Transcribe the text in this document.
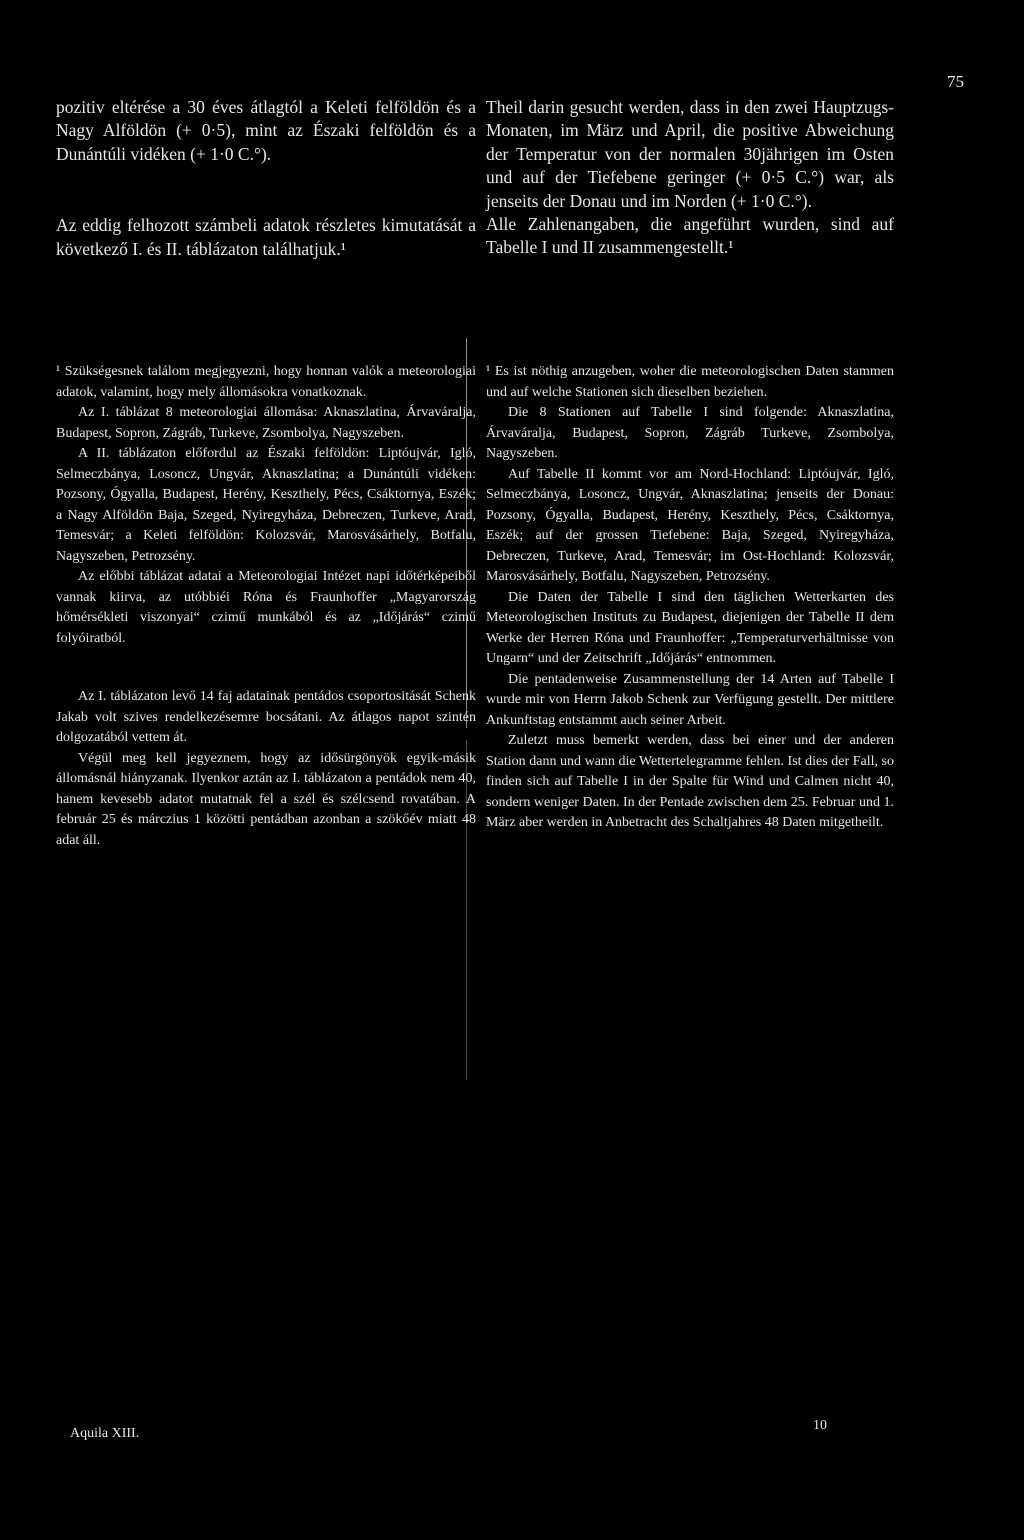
75

pozitiv eltérése a 30 éves átlagtól a Keleti felföldön és a Nagy Alföldön (+ 0·5), mint az Északi felföldön és a Dunántúli vidéken (+ 1·0 C.°).

Az eddig felhozott számbeli adatok részletes kimutatását a következő I. és II. táblázaton találhatjuk.¹

Theil darin gesucht werden, dass in den zwei Hauptzugs-Monaten, im März und April, die positive Abweichung der Temperatur von der normalen 30jährigen im Osten und auf der Tiefebene geringer (+ 0·5 C.°) war, als jenseits der Donau und im Norden (+ 1·0 C.°).

Alle Zahlenangaben, die angeführt wurden, sind auf Tabelle I und II zusammengestellt.¹

¹ Szükségesnek találom megjegyezni, hogy honnan valók a meteorologiai adatok, valamint, hogy mely állomásokra vonatkoznak.

Az I. táblázat 8 meteorologiai állomása: Aknaszlatina, Árvaváralja, Budapest, Sopron, Zágráb, Turkeve, Zsombolya, Nagyszeben.

A II. táblázaton előfordul az Északi felföldön: Liptóujvár, Igló, Selmeczbánya, Losoncz, Ungvár, Aknaszlatina; a Dunántúli vidéken: Pozsony, Ógyalla, Budapest, Herény, Keszthely, Pécs, Csáktornya, Eszék; a Nagy Alföldön Baja, Szeged, Nyiregyháza, Debreczen, Turkeve, Arad, Temesvár; a Keleti felföldön: Kolozsvár, Marosvásárhely, Botfalu, Nagyszeben, Petrozsény.

Az előbbi táblázat adatai a Meteorologiai Intézet napi időtérképeiből vannak kiirva, az utóbbiéi Róna és Fraunhoffer „Magyarország hőmérsékleti viszonyai“ czimű munkából és az „Időjárás“ czimű folyóiratból.

Az I. táblázaton levő 14 faj adatainak pentádos csoportositását Schenk Jakab volt szives rendelkezésemre bocsátani. Az átlagos napot szintén dolgozatából vettem át.

Végül meg kell jegyeznem, hogy az idősürgönyök egyik-másik állomásnál hiányzanak. Ilyenkor aztán az I. táblázaton a pentádok nem 40, hanem kevesebb adatot mutatnak fel a szél és szélcsend rovatában. A február 25 és márczius 1 közötti pentádban azonban a szökőév miatt 48 adat áll.

¹ Es ist nöthig anzugeben, woher die meteorologischen Daten stammen und auf welche Stationen sich dieselben beziehen.

Die 8 Stationen auf Tabelle I sind folgende: Aknaszlatina, Árvaváralja, Budapest, Sopron, Zágráb Turkeve, Zsombolya, Nagyszeben.

Auf Tabelle II kommt vor am Nord-Hochland: Liptóujvár, Igló, Selmeczbánya, Losoncz, Ungvár, Aknaszlatina; jenseits der Donau: Pozsony, Ógyalla, Budapest, Herény, Keszthely, Pécs, Csáktornya, Eszék; auf der grossen Tiefebene: Baja, Szeged, Nyiregyháza, Debreczen, Turkeve, Arad, Temesvár; im Ost-Hochland: Kolozsvár, Marosvásárhely, Botfalu, Nagyszeben, Petrozsény.

Die Daten der Tabelle I sind den täglichen Wetterkarten des Meteorologischen Instituts zu Budapest, diejenigen der Tabelle II dem Werke der Herren Róna und Fraunhoffer: „Temperaturverhältnisse von Ungarn“ und der Zeitschrift „Időjárás“ entnommen.

Die pentadenweise Zusammenstellung der 14 Arten auf Tabelle I wurde mir von Herrn Jakob Schenk zur Verfügung gestellt. Der mittlere Ankunftstag entstammt auch seiner Arbeit.

Zuletzt muss bemerkt werden, dass bei einer und der anderen Station dann und wann die Wettertelegramme fehlen. Ist dies der Fall, so finden sich auf Tabelle I in der Spalte für Wind und Calmen nicht 40, sondern weniger Daten. In der Pentade zwischen dem 25. Februar und 1. März aber werden in Anbetracht des Schaltjahres 48 Daten mitgetheilt.

Aquila XIII.
10
